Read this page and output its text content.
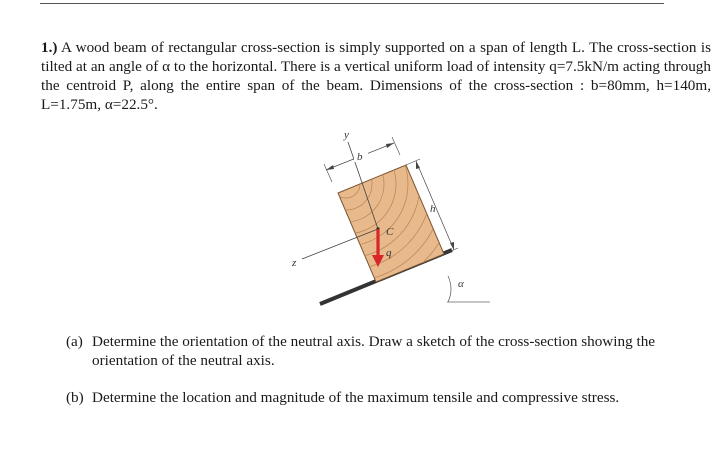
1.) A wood beam of rectangular cross-section is simply supported on a span of length L. The cross-section is tilted at an angle of α to the horizontal. There is a vertical uniform load of intensity q=7.5kN/m acting through the centroid P, along the entire span of the beam. Dimensions of the cross-section : b=80mm, h=140m, L=1.75m, α=22.5°.

α
y
z
b
h
C
q
(a) Determine the orientation of the neutral axis. Draw a sketch of the cross-section showing the
orientation of the neutral axis.
(b) Determine the location and magnitude of the maximum tensile and compressive stress.
